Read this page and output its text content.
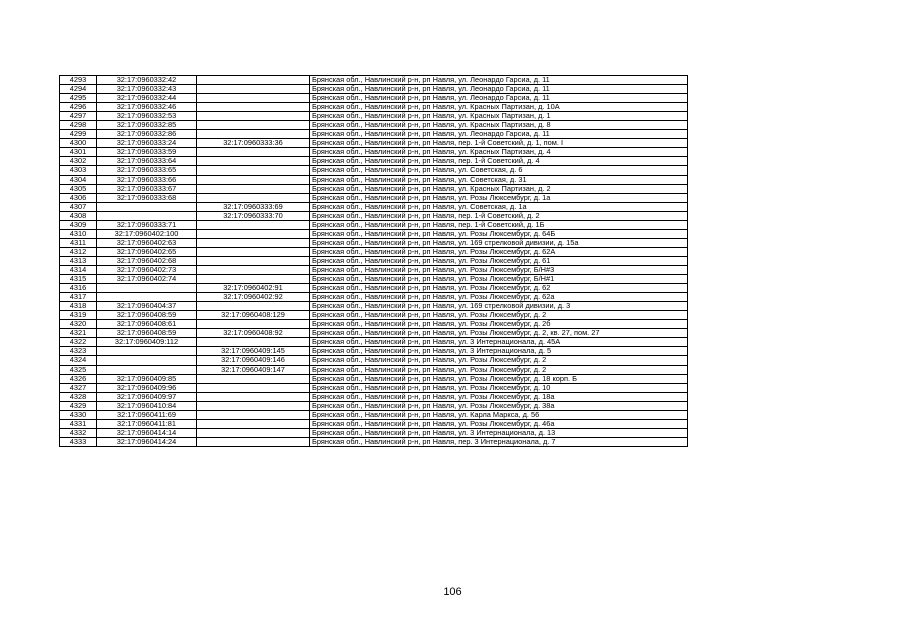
4293	32:17:0960332:42		Брянская обл., Навлинский р-н, рп Навля, ул. Леонардо Гарсиа, д. 11
4294	32:17:0960332:43		Брянская обл., Навлинский р-н, рп Навля, ул. Леонардо Гарсиа, д. 11
4295	32:17:0960332:44		Брянская обл., Навлинский р-н, рп Навля, ул. Леонардо Гарсиа, д. 11
4296	32:17:0960332:46		Брянская обл., Навлинский р-н, рп Навля, ул. Красных Партизан, д. 10А
4297	32:17:0960332:53		Брянская обл., Навлинский р-н, рп Навля, ул. Красных Партизан, д. 1
4298	32:17:0960332:85		Брянская обл., Навлинский р-н, рп Навля, ул. Красных Партизан, д. 8
4299	32:17:0960332:86		Брянская обл., Навлинский р-н, рп Навля, ул. Леонардо Гарсиа, д. 11
4300	32:17:0960333:24	32:17:0960333:36	Брянская обл., Навлинский р-н, рп Навля, пер. 1-й Советский, д. 1, пом. I
4301	32:17:0960333:59		Брянская обл., Навлинский р-н, рп Навля, ул. Красных Партизан, д. 4
4302	32:17:0960333:64		Брянская обл., Навлинский р-н, рп Навля, пер. 1-й Советский, д. 4
4303	32:17:0960333:65		Брянская обл., Навлинский р-н, рп Навля, ул. Советская, д. 6
4304	32:17:0960333:66		Брянская обл., Навлинский р-н, рп Навля, ул. Советская, д. 31
4305	32:17:0960333:67		Брянская обл., Навлинский р-н, рп Навля, ул. Красных Партизан, д. 2
4306	32:17:0960333:68		Брянская обл., Навлинский р-н, рп Навля, ул. Розы Люксембург, д. 1а
4307		32:17:0960333:69	Брянская обл., Навлинский р-н, рп Навля, ул. Советская, д. 1а
4308		32:17:0960333:70	Брянская обл., Навлинский р-н, рп Навля, пер. 1-й Советский, д. 2
4309	32:17:0960333:71		Брянская обл., Навлинский р-н, рп Навля, пер. 1-й Советский, д. 1Б
4310	32:17:0960402:100		Брянская обл., Навлинский р-н, рп Навля, ул. Розы Люксембург, д. 64Б
4311	32:17:0960402:63		Брянская обл., Навлинский р-н, рп Навля, ул. 169 стрелковой дивизии, д. 15а
4312	32:17:0960402:65		Брянская обл., Навлинский р-н, рп Навля, ул. Розы Люксембург, д. 62А
4313	32:17:0960402:68		Брянская обл., Навлинский р-н, рп Навля, ул. Розы Люксембург, д. 61
4314	32:17:0960402:73		Брянская обл., Навлинский р-н, рп Навля, ул. Розы Люксембург, Б/Н#3
4315	32:17:0960402:74		Брянская обл., Навлинский р-н, рп Навля, ул. Розы Люксембург, Б/Н#1
4316		32:17:0960402:91	Брянская обл., Навлинский р-н, рп Навля, ул. Розы Люксембург, д. 62
4317		32:17:0960402:92	Брянская обл., Навлинский р-н, рп Навля, ул. Розы Люксембург, д. 62а
4318	32:17:0960404:37		Брянская обл., Навлинский р-н, рп Навля, ул. 169 стрелковой дивизии, д. 3
4319	32:17:0960408:59	32:17:0960408:129	Брянская обл., Навлинский р-н, рп Навля, ул. Розы Люксембург, д. 2
4320	32:17:0960408:61		Брянская обл., Навлинский р-н, рп Навля, ул. Розы Люксембург, д. 2б
4321	32:17:0960408:59	32:17:0960408:92	Брянская обл., Навлинский р-н, рп Навля, ул. Розы Люксембург, д. 2, кв. 27, пом. 27
4322	32:17:0960409:112		Брянская обл., Навлинский р-н, рп Навля, ул. 3 Интернационала, д. 45А
4323		32:17:0960409:145	Брянская обл., Навлинский р-н, рп Навля, ул. 3 Интернационала, д. 5
4324		32:17:0960409:146	Брянская обл., Навлинский р-н, рп Навля, ул. Розы Люксембург, д. 2
4325		32:17:0960409:147	Брянская обл., Навлинский р-н, рп Навля, ул. Розы Люксембург, д. 2
4326	32:17:0960409:85		Брянская обл., Навлинский р-н, рп Навля, ул. Розы Люксембург, д. 18 корп. Б
4327	32:17:0960409:96		Брянская обл., Навлинский р-н, рп Навля, ул. Розы Люксембург, д. 10
4328	32:17:0960409:97		Брянская обл., Навлинский р-н, рп Навля, ул. Розы Люксембург, д. 18а
4329	32:17:0960410:84		Брянская обл., Навлинский р-н, рп Навля, ул. Розы Люксембург, д. 38а
4330	32:17:0960411:69		Брянская обл., Навлинский р-н, рп Навля, ул. Карла Маркса, д. 56
4331	32:17:0960411:81		Брянская обл., Навлинский р-н, рп Навля, ул. Розы Люксембург, д. 46а
4332	32:17:0960414:14		Брянская обл., Навлинский р-н, рп Навля, ул. 3 Интернационала, д. 13
4333	32:17:0960414:24		Брянская обл., Навлинский р-н, рп Навля, пер. 3 Интернационала, д. 7
106
